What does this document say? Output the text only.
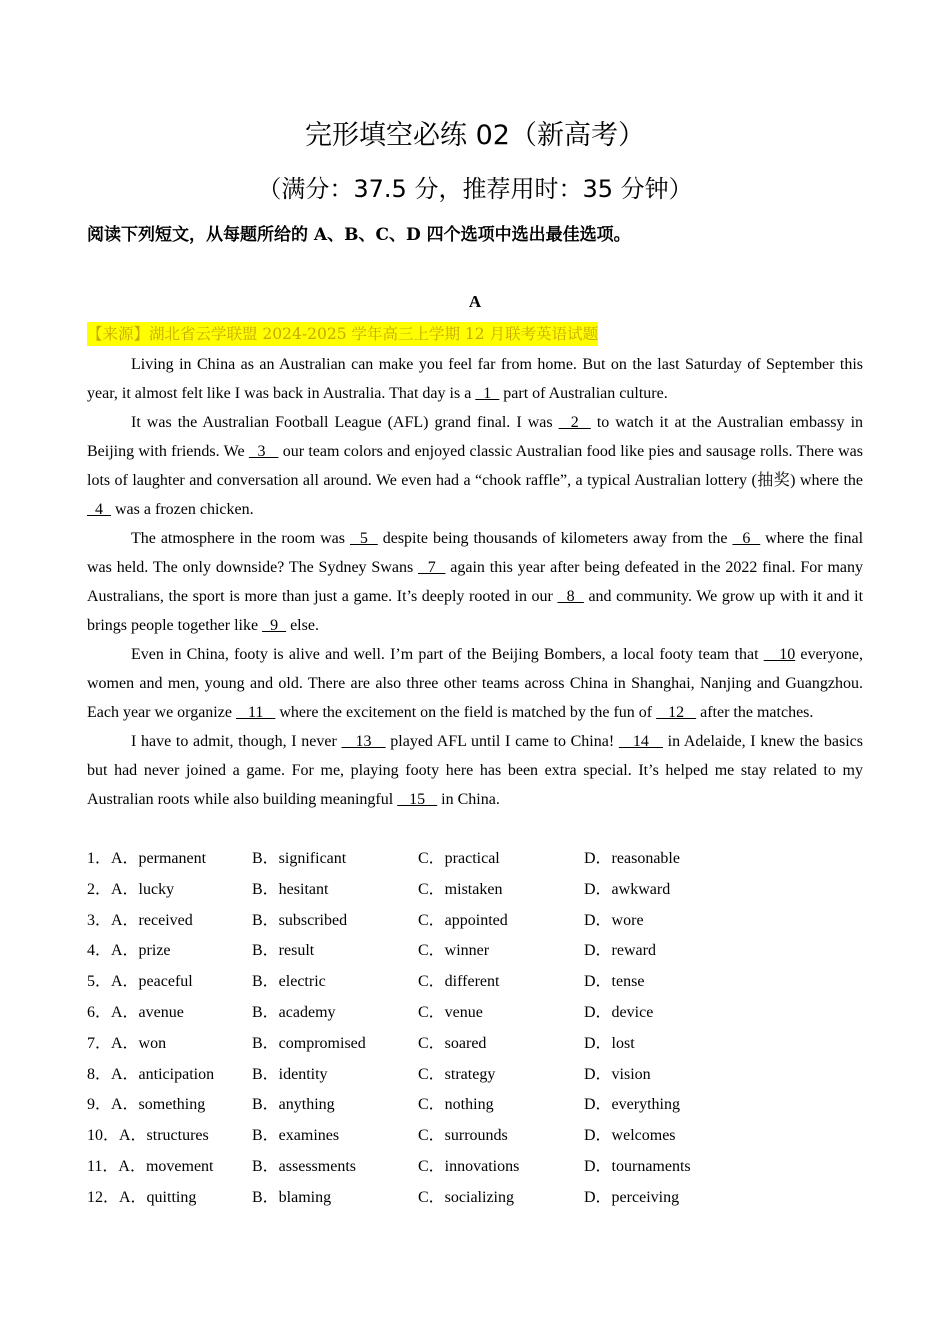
完形填空必练 02（新高考）
（满分：37.5 分，推荐用时：35 分钟）
阅读下列短文，从每题所给的 A、B、C、D 四个选项中选出最佳选项。
A
【来源】湖北省云学联盟 2024-2025 学年高三上学期 12 月联考英语试题

Living in China as an Australian can make you feel far from home. But on the last Saturday of September this year, it almost felt like I was back in Australia. That day is a   1   part of Australian culture.

It was the Australian Football League (AFL) grand final. I was   2   to watch it at the Australian embassy in Beijing with friends. We   3    our team colors and enjoyed classic Australian food like pies and sausage rolls. There was lots of laughter and conversation all around. We even had a “chook raffle”, a typical Australian lottery (抽奖) where the   4   was a frozen chicken.

The atmosphere in the room was   5   despite being thousands of kilometers away from the   6   where the final was held. The only downside? The Sydney Swans   7   again this year after being defeated in the 2022 final. For many Australians, the sport is more than just a game. It’s deeply rooted in our   8   and community. We grow up with it and it brings people together like   9   else.

Even in China, footy is alive and well. I’m part of the Beijing Bombers, a local footy team that    10 everyone, women and men, young and old. There are also three other teams across China in Shanghai, Nanjing and Guangzhou. Each year we organize    11    where the excitement on the field is matched by the fun of    12    after the matches.

I have to admit, though, I never    13    played AFL until I came to China!    14    in Adelaide, I knew the basics but had never joined a game. For me, playing footy here has been extra special. It’s helped me stay related to my Australian roots while also building meaningful    15    in China.

1．A．permanent	B．significant	C．practical	D．reasonable
2．A．lucky	B．hesitant	C．mistaken	D．awkward
3．A．received	B．subscribed	C．appointed	D．wore
4．A．prize	B．result	C．winner	D．reward
5．A．peaceful	B．electric	C．different	D．tense
6．A．avenue	B．academy	C．venue	D．device
7．A．won	B．compromised	C．soared	D．lost
8．A．anticipation B．identity	C．strategy	D．vision
9．A．something	B．anything	C．nothing	D．everything
10．A．structures	B．examines	C．surrounds	D．welcomes
11．A．movement B．assessments	C．innovations	D．tournaments
12．A．quitting	B．blaming	C．socializing	D．perceiving
